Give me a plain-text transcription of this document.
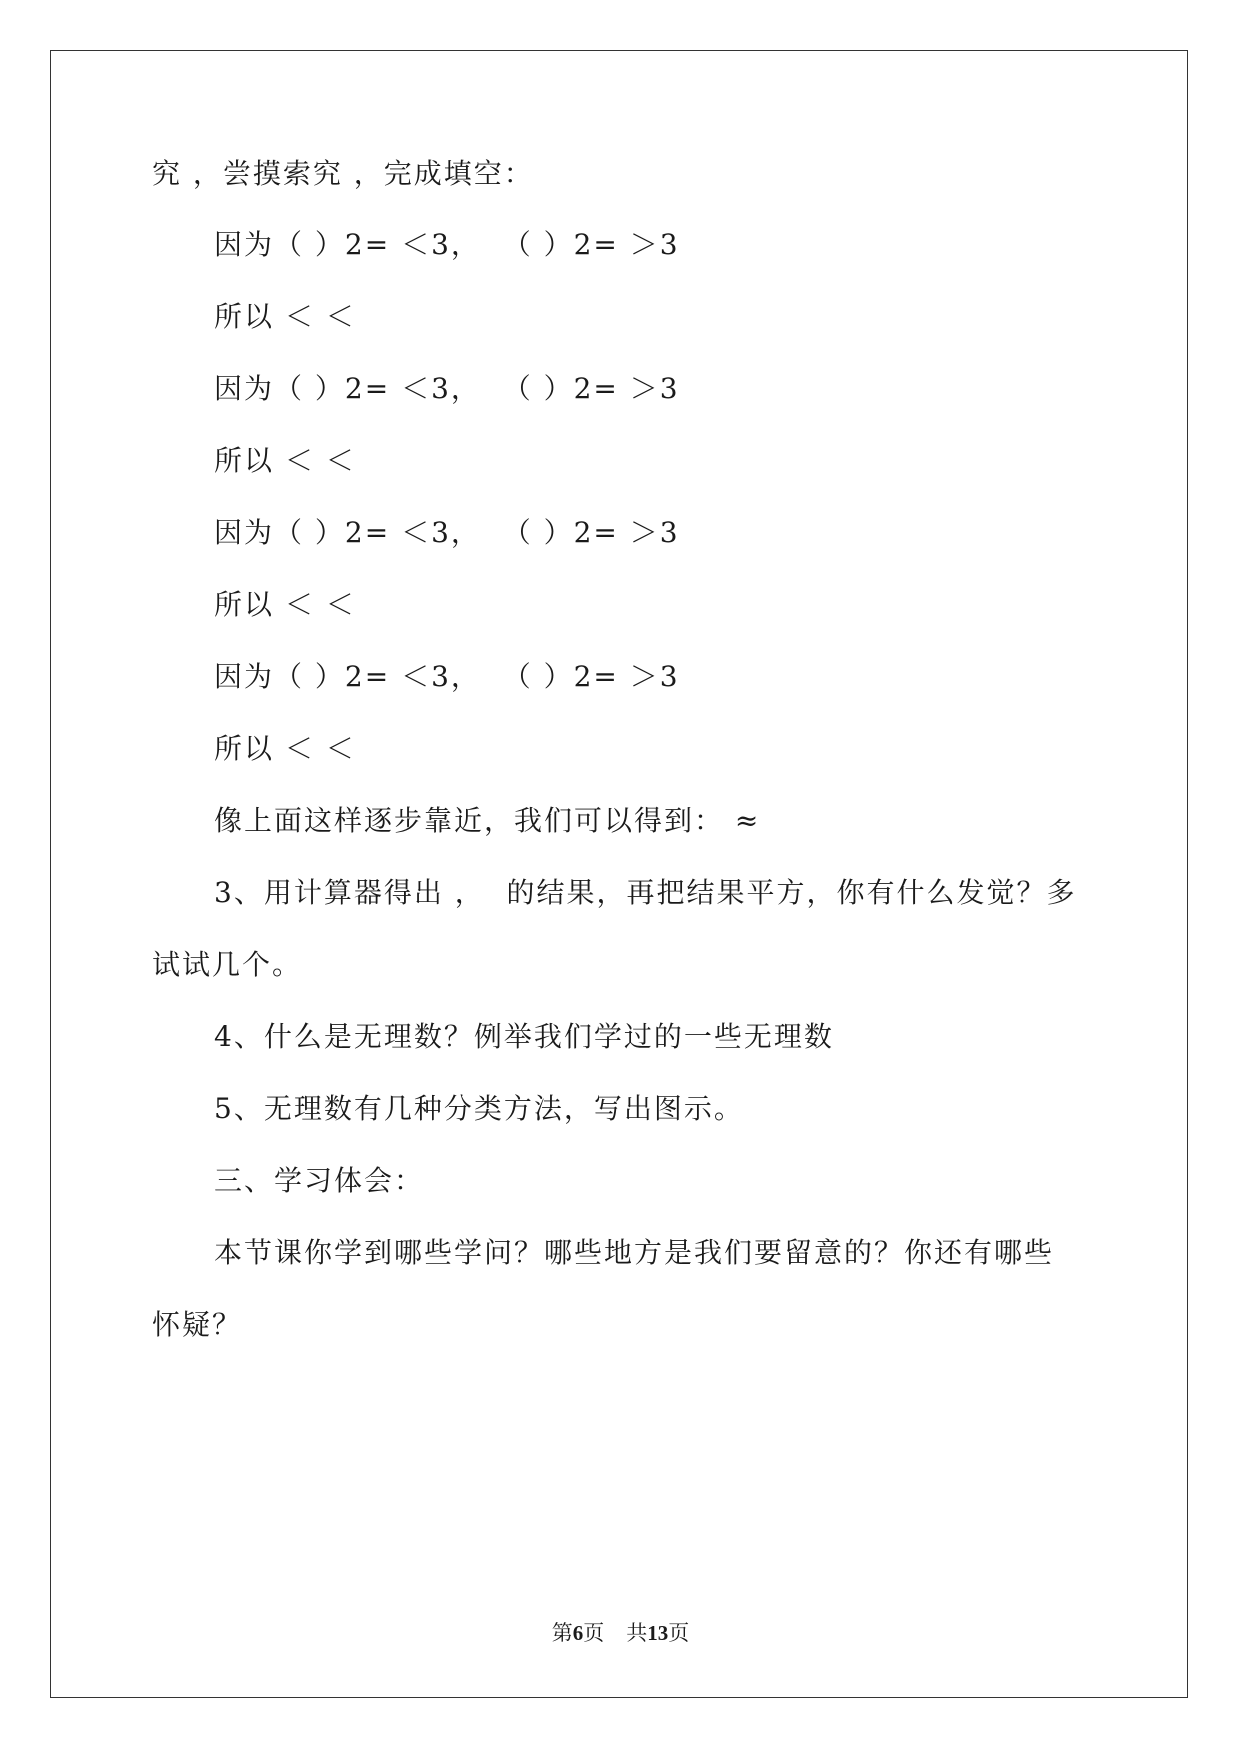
究 ，尝摸索究 ，完成填空：
因为（ ）2= ＜3，  （ ）2= ＞3
所以 ＜ ＜
因为（ ）2= ＜3，  （ ）2= ＞3
所以 ＜ ＜
因为（ ）2= ＜3，  （ ）2= ＞3
所以 ＜ ＜
因为（ ）2= ＜3，  （ ）2= ＞3
所以 ＜ ＜
像上面这样逐步靠近，我们可以得到： ≈
3、用计算器得出 ，  的结果，再把结果平方，你有什么发觉？多
试试几个。
4、什么是无理数？例举我们学过的一些无理数
5、无理数有几种分类方法，写出图示。
三、学习体会：
本节课你学到哪些学问？哪些地方是我们要留意的？你还有哪些
怀疑？
第6页 共13页
